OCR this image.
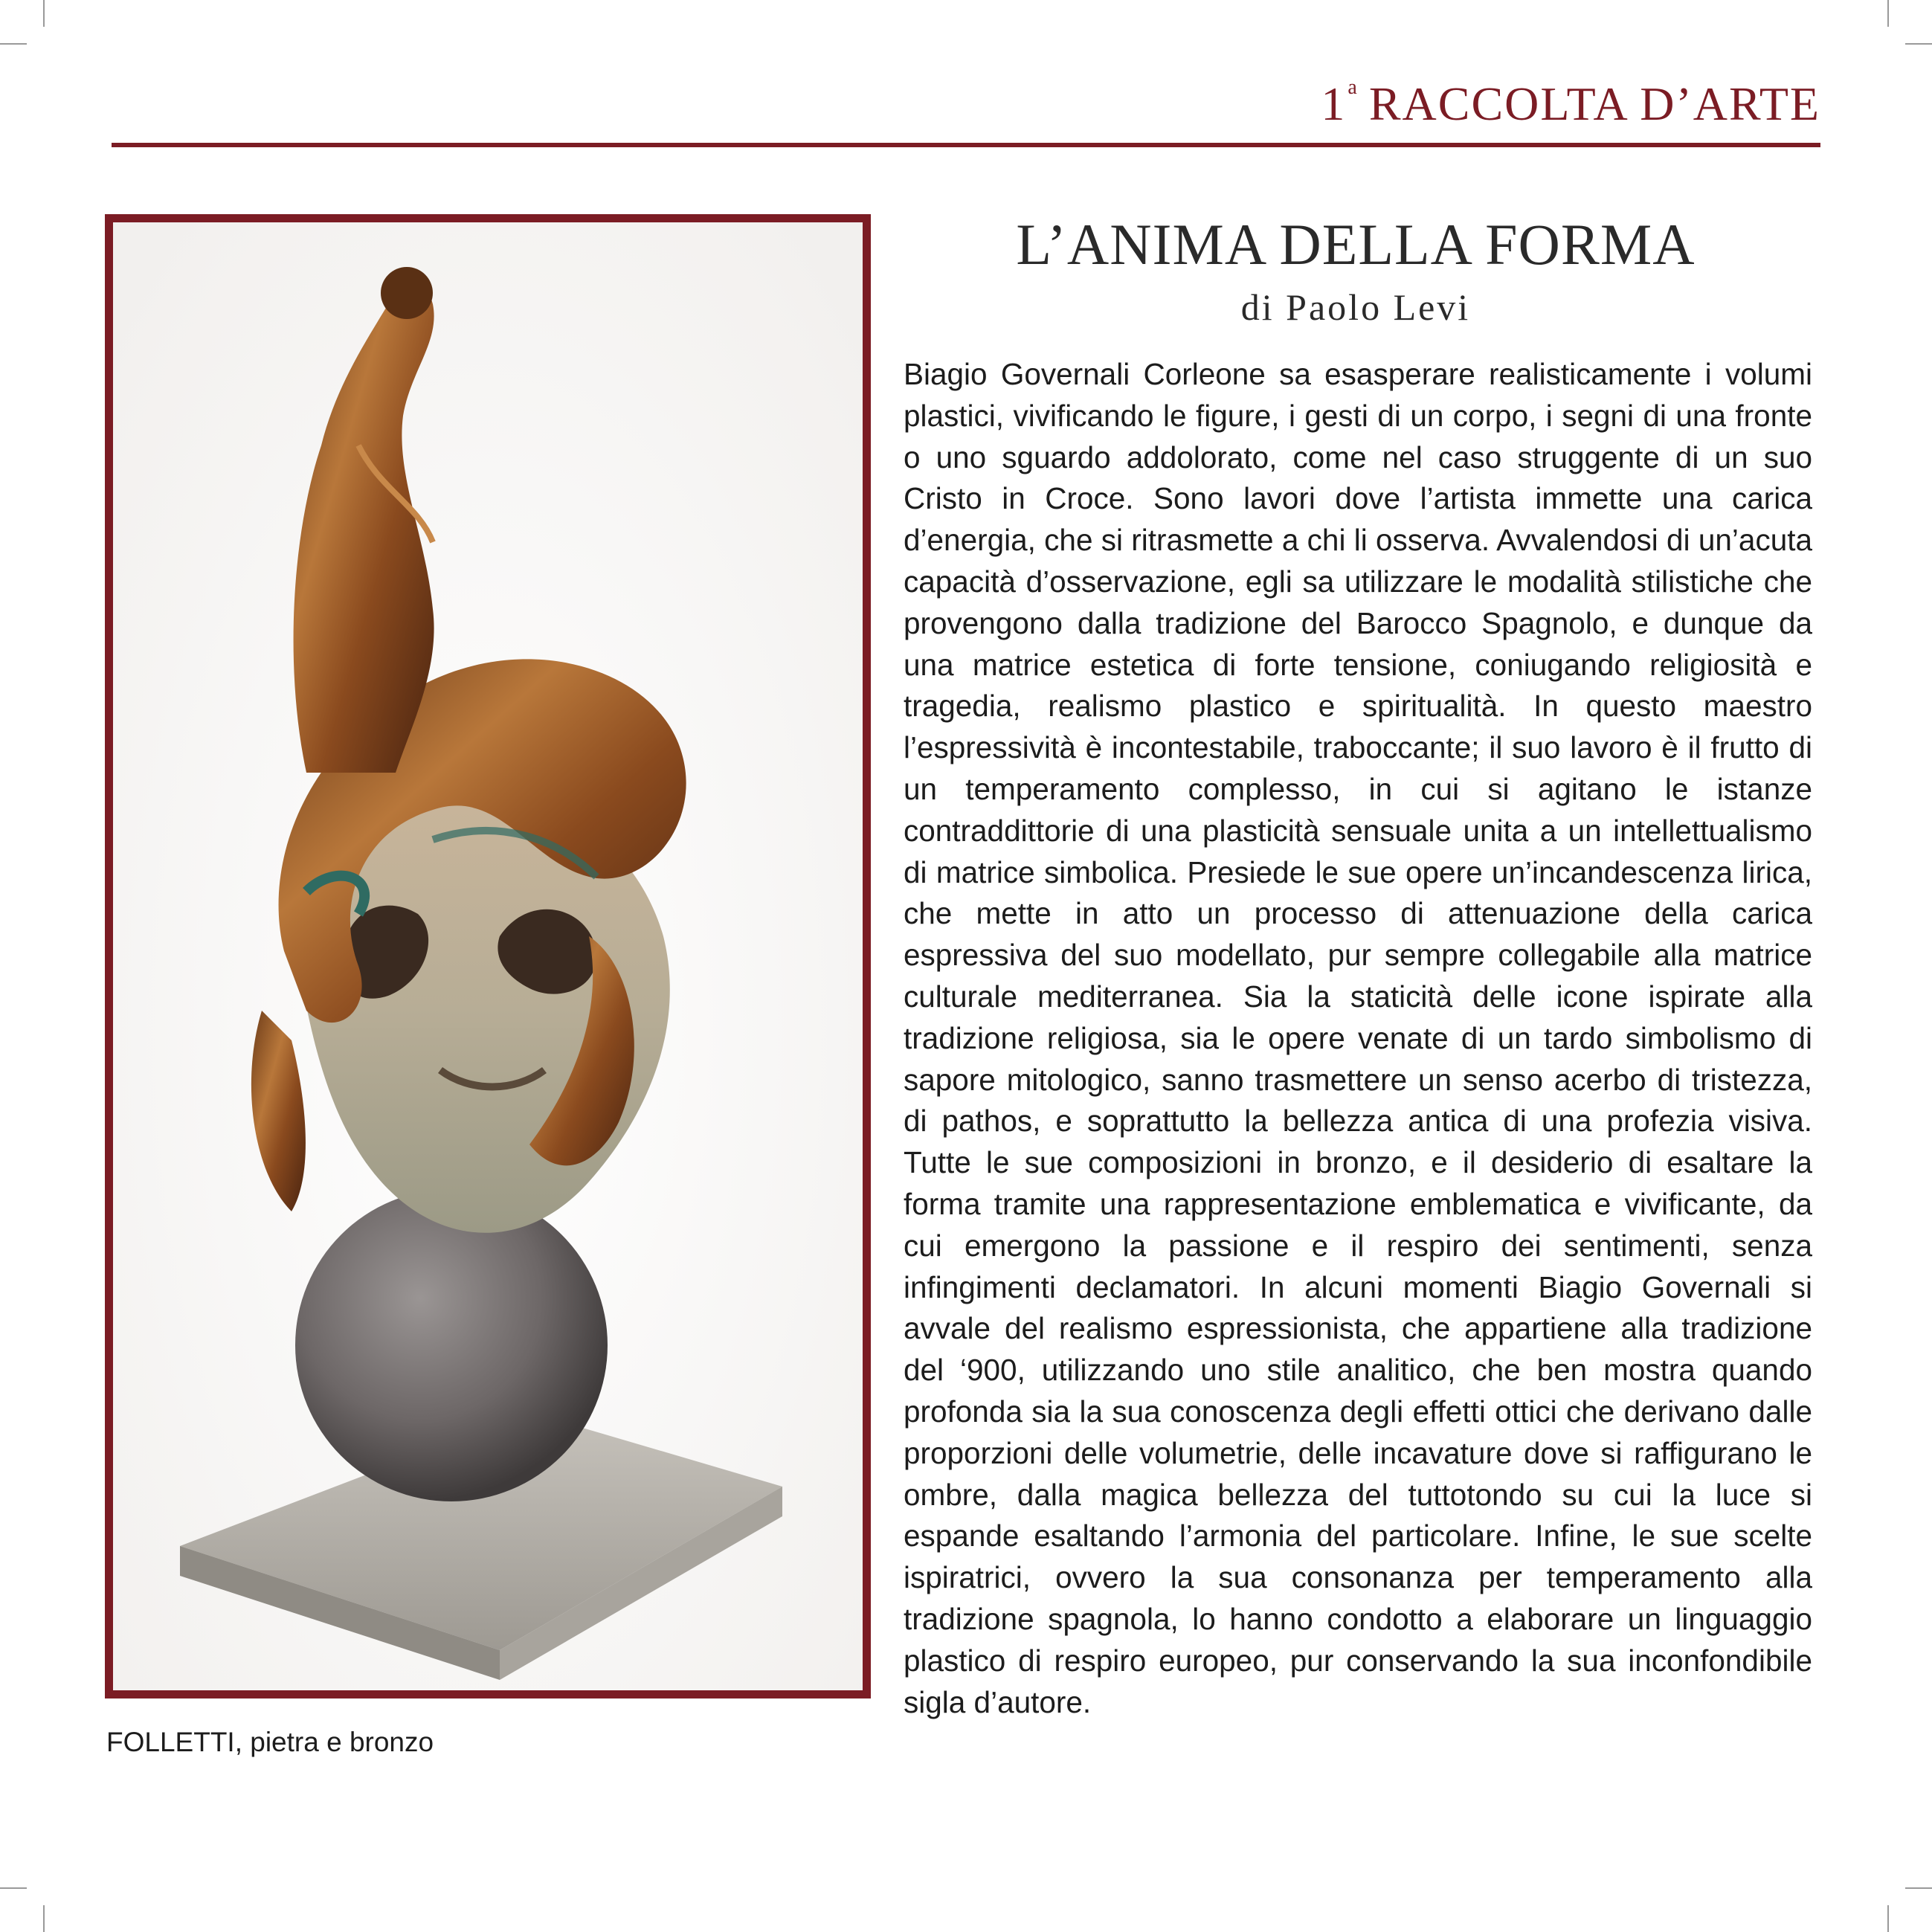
1$^a$ RACCOLTA D’ARTE
FOLLETTI, pietra e bronzo
L’ANIMA DELLA FORMA
di Paolo Levi

Biagio Governali Corleone sa esasperare realisticamente i volumi plastici, vivificando le figure, i gesti di un corpo, i segni di una fronte o uno sguardo addolorato, come nel caso struggente di un suo Cristo in Croce. Sono lavori dove l’artista immette una carica d’energia, che si ritrasmette a chi li osserva. Avvalendosi di un’acuta capacità d’osservazione, egli sa utilizzare le modalità stilistiche che provengono dalla tradizione del Barocco Spagnolo, e dunque da una matrice estetica di forte tensione, coniugando religiosità e tragedia, realismo plastico e spiritualità. In questo maestro l’espressività è incontestabile, traboccante; il suo lavoro è il frutto di un temperamento complesso, in cui si agitano le istanze contraddittorie di una plasticità sensuale unita a un intellettualismo di matrice simbolica. Presiede le sue opere un’incandescenza lirica, che mette in atto un processo di attenuazione della carica espressiva del suo modellato, pur sempre collegabile alla matrice culturale mediterranea. Sia la staticità delle icone ispirate alla tradizione religiosa, sia le opere venate di un tardo simbolismo di sapore mitologico, sanno trasmettere un senso acerbo di tristezza, di pathos, e soprattutto la bellezza antica di una profezia visiva. Tutte le sue composizioni in bronzo, e il desiderio di esaltare la forma tramite una rappresentazione emblematica e vivificante, da cui emergono la passione e il respiro dei sentimenti, senza infingimenti declamatori. In alcuni momenti Biagio Governali si avvale del realismo espressionista, che appartiene alla tradizione del ‘900, utilizzando uno stile analitico, che ben mostra quando profonda sia la sua conoscenza degli effetti ottici che derivano dalle proporzioni delle volumetrie, delle incavature dove si raffigurano le ombre, dalla magica bellezza del tuttotondo su cui la luce si espande esaltando l’armonia del particolare. Infine, le sue scelte ispiratrici, ovvero la sua consonanza per temperamento alla tradizione spagnola, lo hanno condotto a elaborare un linguaggio plastico di respiro europeo, pur conservando la sua inconfondibile sigla d’autore.
